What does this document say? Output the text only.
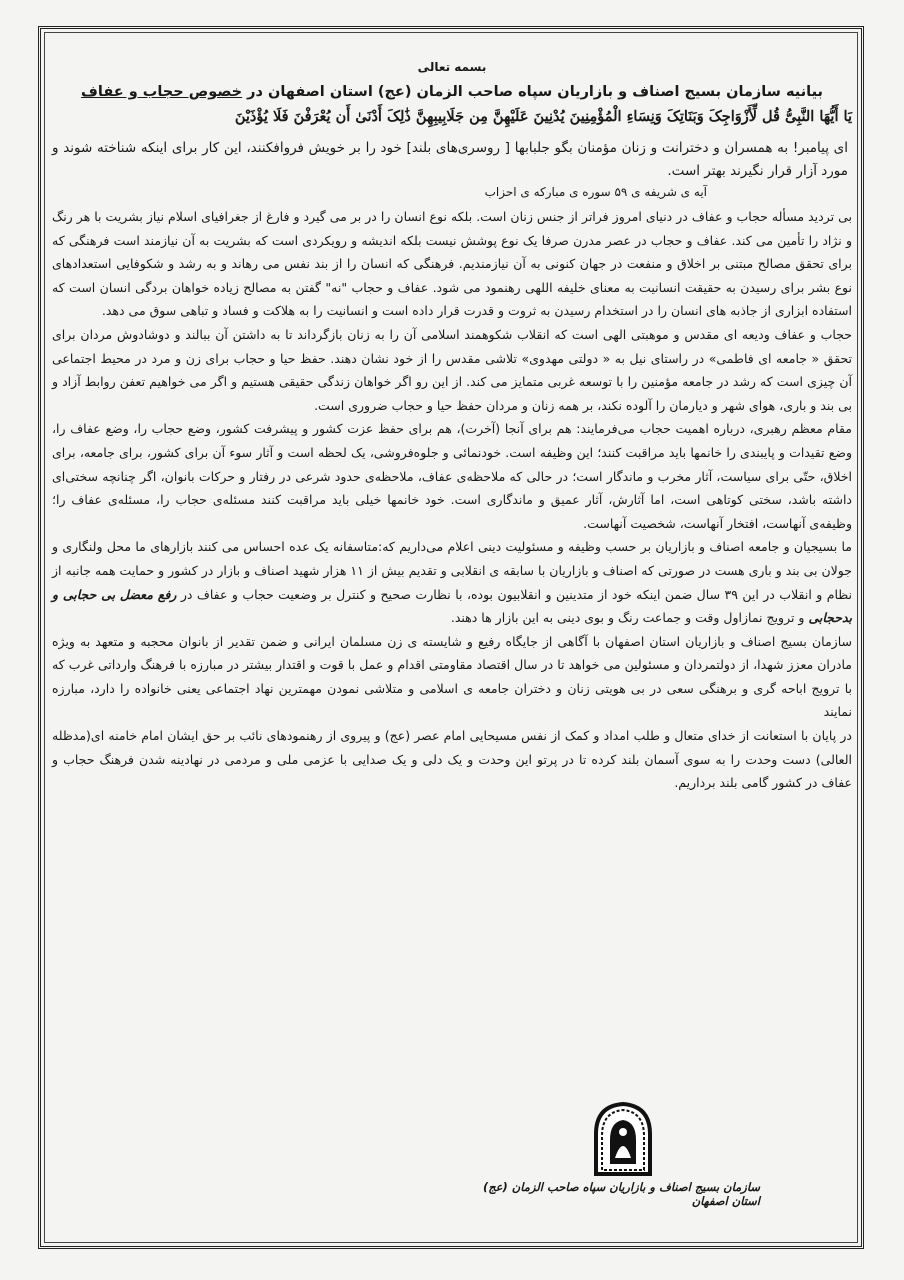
بسمه تعالی
بیانیه سازمان بسیج اصناف و بازاریان سپاه صاحب الزمان (عج) استان اصفهان در خصوص حجاب و عفاف
یَا أَیُّهَا النَّبِیُّ قُل لِّأَزْوَاجِکَ وَبَنَاتِکَ وَنِسَاءِ الْمُؤْمِنِینَ یُدْنِینَ عَلَیْهِنَّ مِن جَلَابِیبِهِنَّ ذَٰلِکَ أَدْنَىٰ أَن یُعْرَفْنَ فَلَا یُؤْذَیْنَ

ای پیامبر! به همسران و دخترانت و زنان مؤمنان بگو جلبابها [ روسری‌های بلند] خود را بر خویش فروافکنند، این کار برای اینکه شناخته شوند و مورد آزار قرار نگیرند بهتر است.

آیه ی شریفه ی ۵۹ سوره ی مبارکه ی احزاب

بی تردید مسأله حجاب و عفاف در دنیای امروز فراتر از جنس زنان است. بلکه نوع انسان را در بر می گیرد و فارغ از جغرافیای اسلام نیاز بشریت با هر رنگ و نژاد را تأمین می کند. عفاف و حجاب در عصر مدرن صرفا یک نوع پوشش نیست بلکه اندیشه و رویکردی است که بشریت به آن نیازمند است فرهنگی که برای تحقق مصالح مبتنی بر اخلاق و منفعت در جهان کنونی به آن نیازمندیم. فرهنگی که انسان را از بند نفس می رهاند و به رشد و شکوفایی استعدادهای نوع بشر برای رسیدن به حقیقت انسانیت به معنای خلیفه اللهی رهنمود می شود. عفاف و حجاب "نه" گفتن به مصالح زیاده خواهان بردگی انسان است که استفاده ابزاری از جاذبه های انسان را در استخدام رسیدن به ثروت و قدرت قرار داده است و انسانیت را به هلاکت و فساد و تباهی سوق می دهد.

حجاب و عفاف ودیعه ای مقدس و موهبتی الهی است که انقلاب شکوهمند اسلامی آن را به زنان بازگرداند تا به داشتن آن ببالند و دوشادوش مردان برای تحقق « جامعه ای فاطمی» در راستای نیل به « دولتی مهدوی» تلاشی مقدس را از خود نشان دهند. حفظ حیا و حجاب برای زن و مرد در محیط اجتماعی آن چیزی است که رشد در جامعه مؤمنین را با توسعه غربی متمایز می کند. از این رو اگر خواهان زندگی حقیقی هستیم و اگر می خواهیم تعفن روابط آزاد و بی بند و باری، هوای شهر و دیارمان را آلوده نکند، بر همه زنان و مردان حفظ حیا و حجاب ضروری است.

مقام معظم رهبری، درباره اهمیت حجاب می‌فرمایند: هم برای آنجا (آخرت)، هم برای حفظ عزت کشور و پیشرفت کشور، وضع حجاب را، وضع عفاف را، وضع تقیدات و پایبندی را خانمها باید مراقبت کنند؛ این وظیفه است. خودنمائی و جلوه‌فروشی، یک لحظه است و آثار سوء آن برای کشور، برای جامعه، برای اخلاق، حتّی برای سیاست، آثار مخرب و ماندگار است؛ در حالی که ملاحظه‌ی عفاف، ملاحظه‌ی حدود شرعی در رفتار و حرکات بانوان، اگر چنانچه سختی‌ای داشته باشد، سختی کوتاهی است، اما آثارش، آثار عمیق و ماندگاری است. خود خانمها خیلی باید مراقبت کنند مسئله‌ی حجاب را، مسئله‌ی عفاف را؛ وظیفه‌ی آنهاست، افتخار آنهاست، شخصیت آنهاست.

ما بسیجیان و جامعه اصناف و بازاریان بر حسب وظیفه و مسئولیت دینی اعلام می‌داریم که:متاسفانه یک عده احساس می کنند بازارهای ما محل ولنگاری و جولان بی بند و باری هست در صورتی که اصناف و بازاریان با سابقه ی انقلابی و تقدیم بیش از ۱۱ هزار شهید اصناف و بازار در کشور و حمایت همه جانبه از نظام و انقلاب در این ۳۹ سال ضمن اینکه خود از متدینین و انقلابیون بوده، با نظارت صحیح و کنترل بر وضعیت حجاب و عفاف در رفع معضل بی حجابی و بدحجابی و ترویج نمازاول وقت و جماعت رنگ و بوی دینی به این بازار ها دهند.

سازمان بسیج اصناف و بازاریان استان اصفهان با آگاهی از جایگاه رفیع و شایسته ی زن مسلمان ایرانی و ضمن تقدیر از بانوان محجبه و متعهد به ویژه مادران معزز شهدا، از دولتمردان و مسئولین می خواهد تا در سال اقتصاد مقاومتی اقدام و عمل با قوت و اقتدار بیشتر در مبارزه با فرهنگ وارداتی غرب که با ترویج اباحه گری و برهنگی سعی در بی هویتی زنان و دختران جامعه ی اسلامی و متلاشی نمودن مهمترین نهاد اجتماعی یعنی خانواده را دارد، مبارزه نمایند

در پایان با استعانت از خدای متعال و طلب امداد و کمک از نفس مسیحایی امام عصر (عج) و پیروی از رهنمودهای نائب بر حق ایشان امام خامنه ای(مدظله العالی) دست وحدت را به سوی آسمان بلند کرده تا در پرتو این وحدت و یک دلی و یک صدایی با عزمی ملی و مردمی در نهادینه شدن فرهنگ حجاب و عفاف در کشور گامی بلند برداریم.

سازمان بسیج اصناف و بازاریان سپاه صاحب الزمان (عج) استان اصفهان
